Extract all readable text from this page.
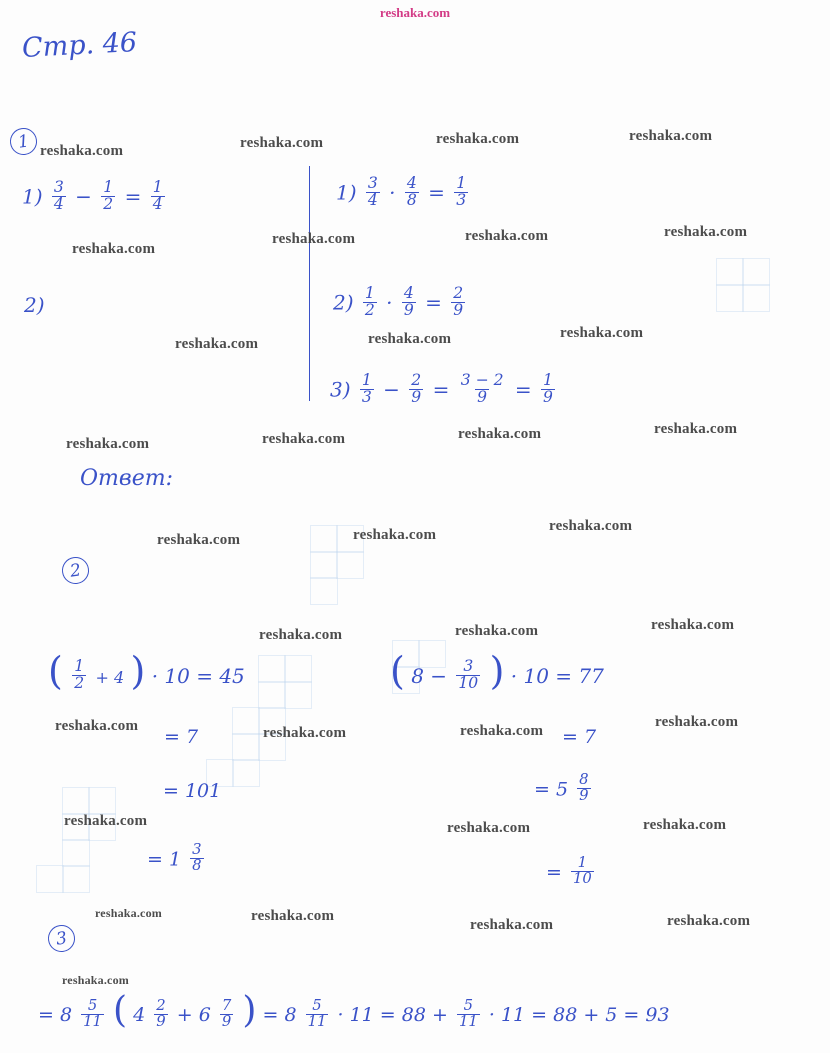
reshaka.com
Стр. 46
1
$1) \frac{3}{4} - \frac{1}{2} = \frac{1}{4}$
2)
$1) \frac{3}{4} \cdot \frac{4}{8} = \frac{1}{3}$
$2) \frac{1}{2} \cdot \frac{4}{9} = \frac{2}{9}$
$3) \frac{1}{3} - \frac{2}{9} = \frac{3 - 2}{9} = \frac{1}{9}$
Ответ:
2
( $\frac{1}{2} + 4$ ) · 10 = 45
= 7
= 101
= $1 \frac{3}{8}$
( $8 - \frac{3}{10}$ ) · 10 = 77
= 7
= $5 \frac{8}{9}$
= $\frac{1}{10}$
3
= $8 \frac{5}{11}$ ( $4 \frac{2}{9} + 6 \frac{7}{9}$ ) = $8 \frac{5}{11} \cdot 11 = 88 + \frac{5}{11} \cdot 11 = 88 + 5 = 93$
reshaka.com	reshaka.com	reshaka.com	reshaka.com
reshaka.com
reshaka.com	reshaka.com	reshaka.com
reshaka.com	reshaka.com	reshaka.com
reshaka.com	reshaka.com	reshaka.com	reshaka.com
reshaka.com	reshaka.com
reshaka.com
reshaka.com	reshaka.com	reshaka.com
reshaka.com	reshaka.com	reshaka.com
reshaka.com
reshaka.com	reshaka.com	reshaka.com
reshaka.com	reshaka.com
reshaka.com	reshaka.com
reshaka.com
